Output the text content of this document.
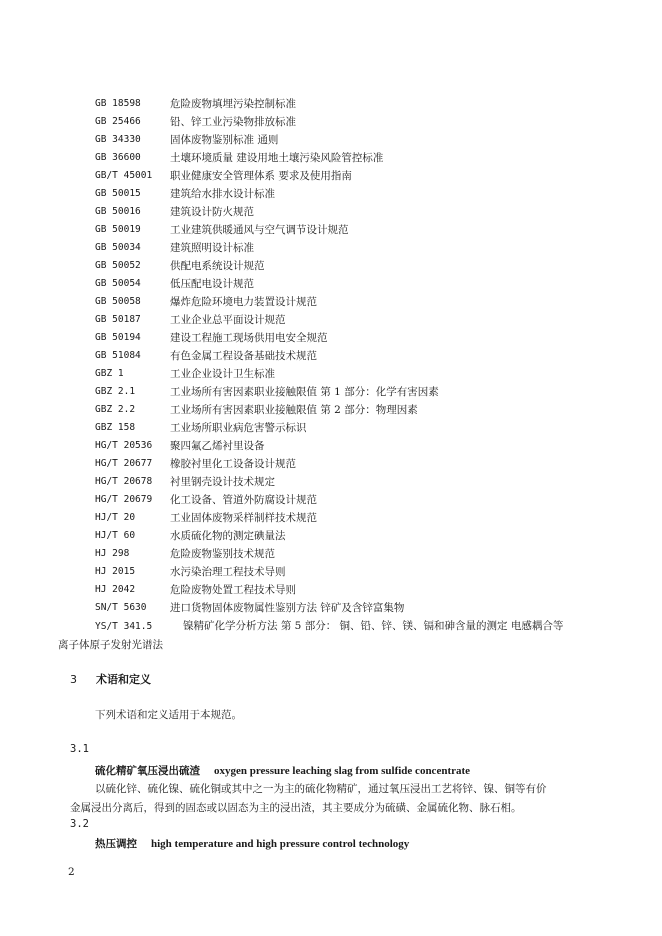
GB 18598	危险废物填埋污染控制标准
GB 25466	铅、锌工业污染物排放标准
GB 34330	固体废物鉴别标准 通则
GB 36600	土壤环境质量 建设用地土壤污染风险管控标准
GB/T 45001	职业健康安全管理体系 要求及使用指南
GB 50015	建筑给水排水设计标准
GB 50016	建筑设计防火规范
GB 50019	工业建筑供暖通风与空气调节设计规范
GB 50034	建筑照明设计标准
GB 50052	供配电系统设计规范
GB 50054	低压配电设计规范
GB 50058	爆炸危险环境电力装置设计规范
GB 50187	工业企业总平面设计规范
GB 50194	建设工程施工现场供用电安全规范
GB 51084	有色金属工程设备基础技术规范
GBZ 1	工业企业设计卫生标准
GBZ 2.1	工业场所有害因素职业接触限值 第 1 部分：化学有害因素
GBZ 2.2	工业场所有害因素职业接触限值 第 2 部分：物理因素
GBZ 158	工业场所职业病危害警示标识
HG/T 20536	聚四氟乙烯衬里设备
HG/T 20677	橡胶衬里化工设备设计规范
HG/T 20678	衬里钢壳设计技术规定
HG/T 20679	化工设备、管道外防腐设计规范
HJ/T 20	工业固体废物采样制样技术规范
HJ/T 60	水质硫化物的测定碘量法
HJ 298	危险废物鉴别技术规范
HJ 2015	水污染治理工程技术导则
HJ 2042	危险废物处置工程技术导则
SN/T 5630	进口货物固体废物属性鉴别方法 锌矿及含锌富集物
YS/T 341.5	镍精矿化学分析方法 第 5 部分： 铜、铅、锌、镁、镉和砷含量的测定 电感耦合等
离子体原子发射光谱法
3 术语和定义
下列术语和定义适用于本规范。
3.1
硫化精矿氧压浸出硫渣 oxygen pressure leaching slag from sulfide concentrate
以硫化锌、硫化镍、硫化铜或其中之一为主的硫化物精矿，通过氧压浸出工艺将锌、镍、铜等有价
金属浸出分离后，得到的固态或以固态为主的浸出渣，其主要成分为硫磺、金属硫化物、脉石相。
3.2
热压调控 high temperature and high pressure control technology
2
